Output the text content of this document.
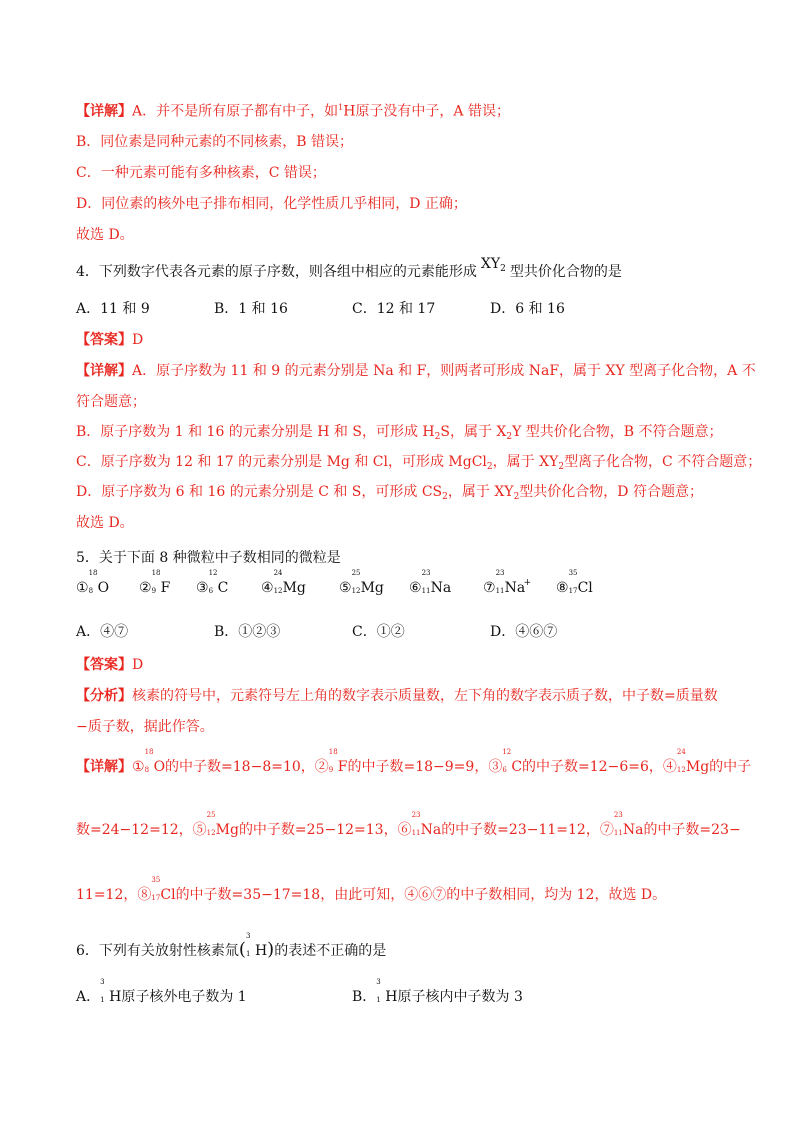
【详解】A．并不是所有原子都有中子，如$^1$H原子没有中子，A 错误；
B．同位素是同种元素的不同核素，B 错误；
C．一种元素可能有多种核素，C 错误；
D．同位素的核外电子排布相同，化学性质几乎相同，D 正确；
故选 D。
4．下列数字代表各元素的原子序数，则各组中相应的元素能形成 $XY_2$ 型共价化合物的是
A．11 和 9	B．1 和 16	C．12 和 17	D．6 和 16
【答案】D
【详解】A．原子序数为 11 和 9 的元素分别是 Na 和 F，则两者可形成 NaF，属于 XY 型离子化合物，A 不
符合题意；
B．原子序数为 1 和 16 的元素分别是 H 和 S，可形成 $H_2S$，属于 $X_2Y$ 型共价化合物，B 不符合题意；
C．原子序数为 12 和 17 的元素分别是 Mg 和 Cl，可形成 MgCl$_2$，属于 $XY_2$型离子化合物，C 不符合题意；
D．原子序数为 6 和 16 的元素分别是 C 和 S，可形成 $CS_2$，属于 $XY_2$型共价化合物，D 符合题意；
故选 D。
5．关于下面 8 种微粒中子数相同的微粒是
①
18
8 O ②
18
9 F ③
12
6 C ④
24
12 Mg ⑤
25
12 Mg ⑥
23
11 Na ⑦
23
11 Na
+ ⑧
35
17 Cl
A．④⑦	B．①②③	C．①②	D．④⑥⑦
【答案】D
【分析】核素的符号中，元素符号左上角的数字表示质量数，左下角的数字表示质子数，中子数=质量数
−质子数，据此作答。
【详解】①
18
8 O的中子数=18−8=10，②
18
9 F的中子数=18−9=9，③
12
6 C的中子数=12−6=6，④
24
12 Mg的中子
数=24−12=12，⑤
25
12 Mg的中子数=25−12=13，⑥
23
11 Na的中子数=23−11=12，⑦
23
11 Na的中子数=23−
11=12，⑧
35
17 Cl的中子数=35−17=18，由此可知，④⑥⑦的中子数相同，均为 12，故选 D。
6．下列有关放射性核素氚(
3
1 H)的表述不正确的是
A．
3
1 H原子核外电子数为 1	B．
3
1 H原子核内中子数为 3
